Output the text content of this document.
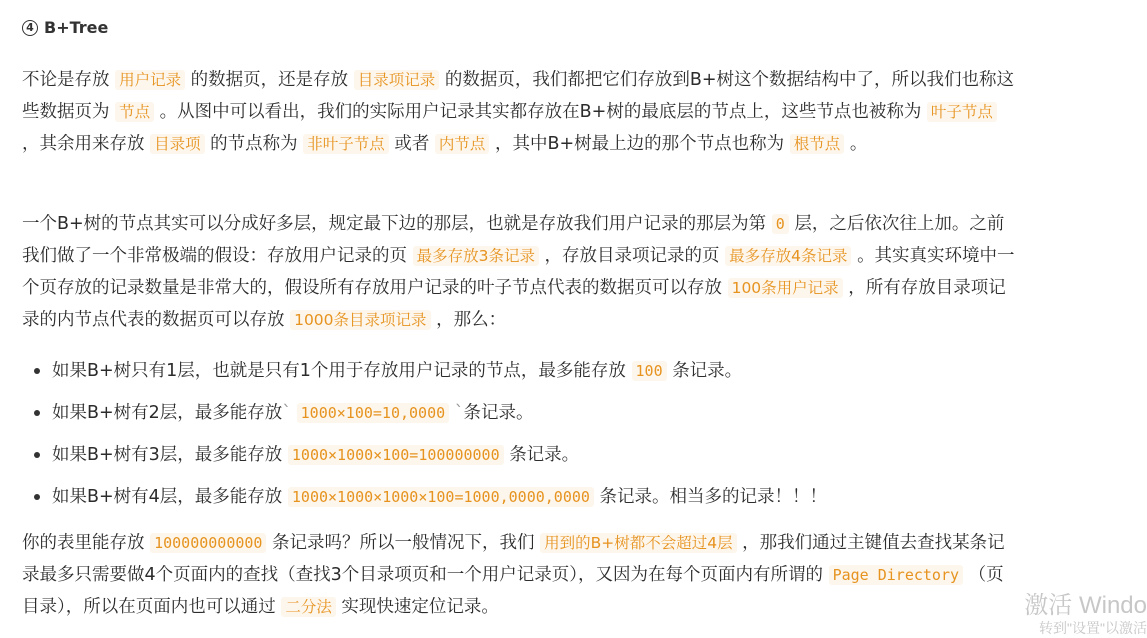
4 B+Tree

不论是存放 用户记录 的数据页，还是存放 目录项记录 的数据页，我们都把它们存放到B+树这个数据结构中了，所以我们也称这些数据页为 节点 。从图中可以看出，我们的实际用户记录其实都存放在B+树的最底层的节点上，这些节点也被称为 叶子节点 ，其余用来存放 目录项 的节点称为 非叶子节点 或者 内节点 ，其中B+树最上边的那个节点也称为 根节点 。

一个B+树的节点其实可以分成好多层，规定最下边的那层，也就是存放我们用户记录的那层为第 0 层，之后依次往上加。之前我们做了一个非常极端的假设：存放用户记录的页 最多存放3条记录 ，存放目录项记录的页 最多存放4条记录 。其实真实环境中一个页存放的记录数量是非常大的，假设所有存放用户记录的叶子节点代表的数据页可以存放 100条用户记录 ，所有存放目录项记录的内节点代表的数据页可以存放 1000条目录项记录 ，那么：

如果B+树只有1层，也就是只有1个用于存放用户记录的节点，最多能存放 100 条记录。
如果B+树有2层，最多能存放` 1000×100=10,0000 `条记录。
如果B+树有3层，最多能存放 1000×1000×100=100000000 条记录。
如果B+树有4层，最多能存放 1000×1000×1000×100=1000,0000,0000 条记录。相当多的记录！！！

你的表里能存放 100000000000 条记录吗？所以一般情况下，我们 用到的B+树都不会超过4层 ，那我们通过主键值去查找某条记录最多只需要做4个页面内的查找（查找3个目录项页和一个用户记录页），又因为在每个页面内有所谓的 Page Directory （页目录），所以在页面内也可以通过 二分法 实现快速定位记录。	激活 Windo
转到"设置"以激活
